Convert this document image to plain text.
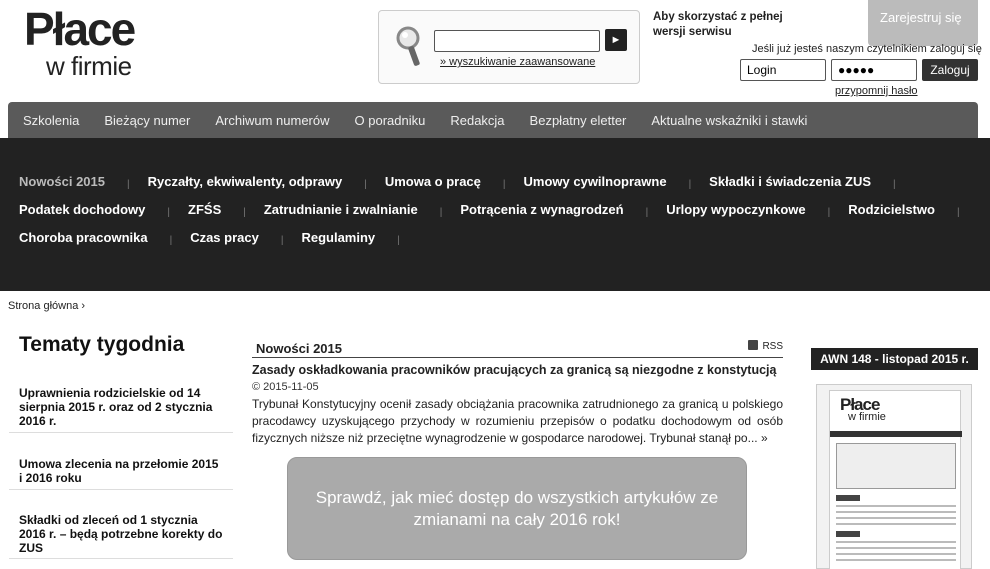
Płace
w firmie
►
» wyszukiwanie zaawansowane
Aby skorzystać z pełnej wersji serwisu
Zarejestruj się
Jeśli już jesteś naszym czytelnikiem zaloguj się
Login
●●●●●
Zaloguj
przypomnij hasło
Szkolenia Bieżący numer Archiwum numerów O poradniku Redakcja Bezpłatny eletter Aktualne wskaźniki i stawki
Nowości 2015 | Ryczałty, ekwiwalenty, odprawy | Umowa o pracę | Umowy cywilnoprawne | Składki i świadczenia ZUS |
Podatek dochodowy | ZFŚS | Zatrudnianie i zwalnianie | Potrącenia z wynagrodzeń | Urlopy wypoczynkowe | Rodzicielstwo |
Choroba pracownika | Czas pracy | Regulaminy |
Strona główna ›
Tematy tygodnia
Uprawnienia rodzicielskie od 14 sierpnia 2015 r. oraz od 2 stycznia 2016 r.
Umowa zlecenia na przełomie 2015 i 2016 roku
Składki od zleceń od 1 stycznia 2016 r. – będą potrzebne korekty do ZUS
Nowości 2015	RSS
Zasady oskładkowania pracowników pracujących za granicą są niezgodne z konstytucją
© 2015-11-05
Trybunał Konstytucyjny ocenił zasady obciążania pracownika zatrudnionego za granicą u polskiego pracodawcy uzyskującego przychody w rozumieniu przepisów o podatku dochodowym od osób fizycznych niższe niż przeciętne wynagrodzenie w gospodarce narodowej. Trybunał stanął po... »
Sprawdź, jak mieć dostęp do wszystkich artykułów ze zmianami na cały 2016 rok!
AWN 148 - listopad 2015 r.
Płace
w firmie
